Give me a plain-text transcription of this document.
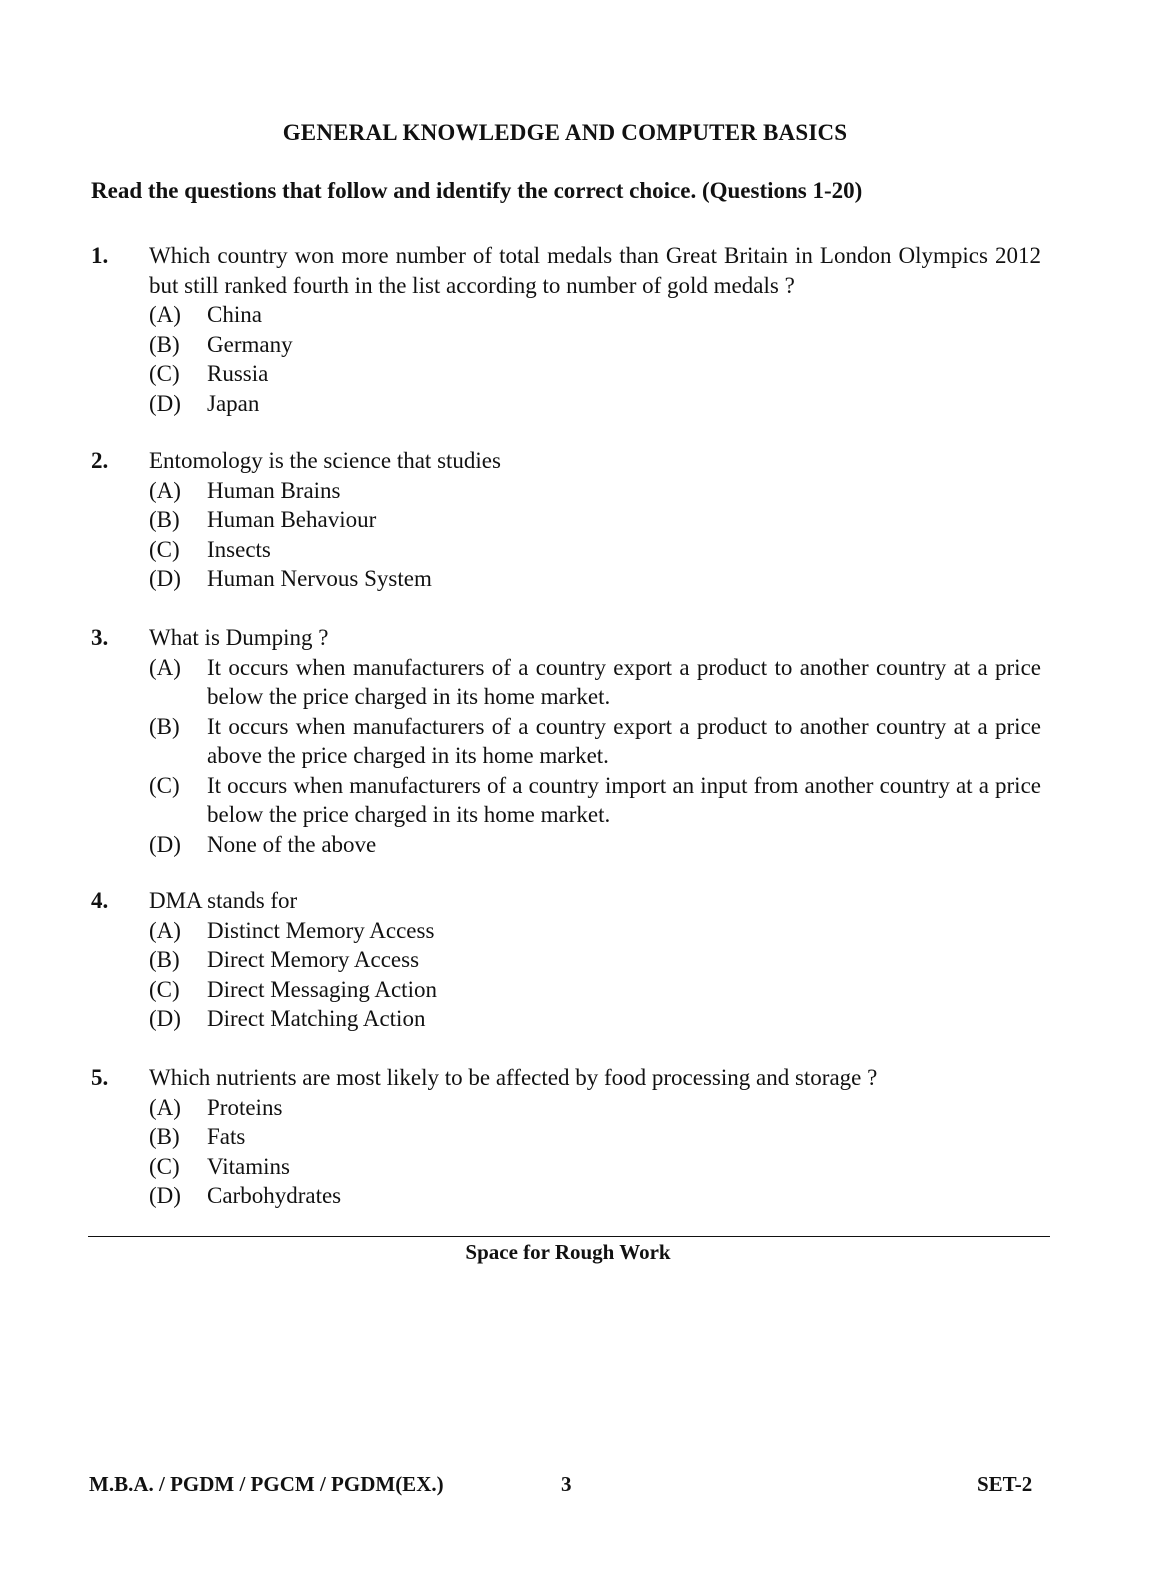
GENERAL KNOWLEDGE AND COMPUTER BASICS
Read the questions that follow and identify the correct choice. (Questions 1-20)
1.	Which country won more number of total medals than Great Britain in London Olympics 2012 but still ranked fourth in the list according to number of gold medals ?
(A)	China
(B)	Germany
(C)	Russia
(D)	Japan
2.	Entomology is the science that studies
(A)	Human Brains
(B)	Human Behaviour
(C)	Insects
(D)	Human Nervous System
3.	What is Dumping ?
(A)	It occurs when manufacturers of a country export a product to another country at a price below the price charged in its home market.
(B)	It occurs when manufacturers of a country export a product to another country at a price above the price charged in its home market.
(C)	It occurs when manufacturers of a country import an input from another country at a price below the price charged in its home market.
(D)	None of the above
4.	DMA stands for
(A)	Distinct Memory Access
(B)	Direct Memory Access
(C)	Direct Messaging Action
(D)	Direct Matching Action
5.	Which nutrients are most likely to be affected by food processing and storage ?
(A)	Proteins
(B)	Fats
(C)	Vitamins
(D)	Carbohydrates
Space for Rough Work
M.B.A. / PGDM / PGCM / PGDM(EX.)	3	SET-2
